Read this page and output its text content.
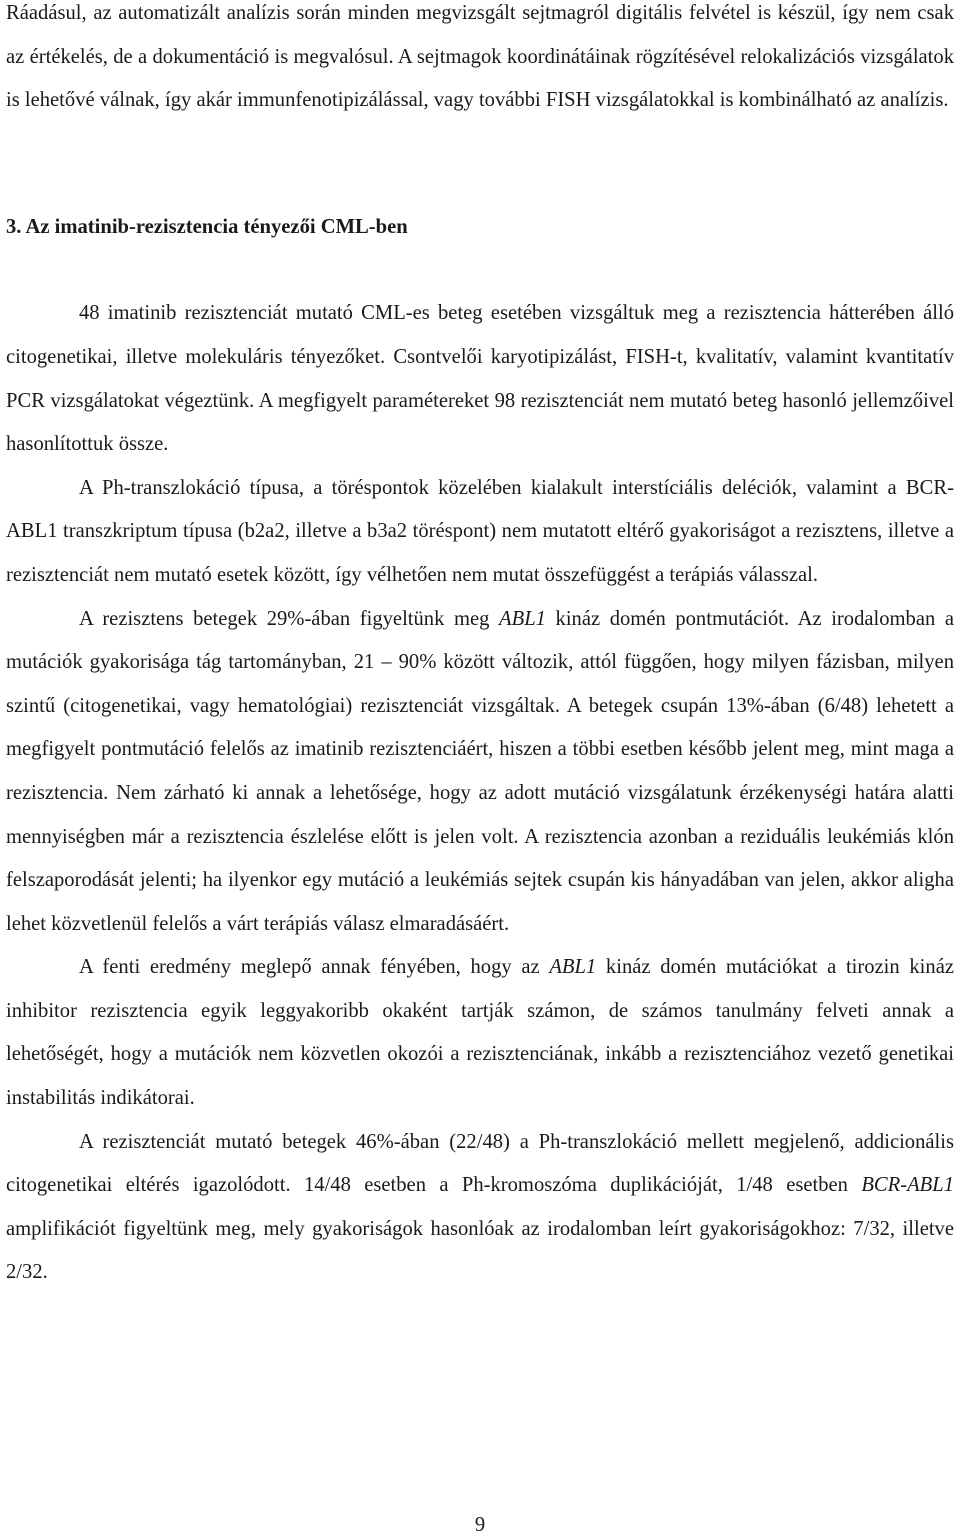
Ráadásul, az automatizált analízis során minden megvizsgált sejtmagról digitális felvétel is készül, így nem csak az értékelés, de a dokumentáció is megvalósul. A sejtmagok koordinátáinak rögzítésével relokalizációs vizsgálatok is lehetővé válnak, így akár immunfenotipizálással, vagy további FISH vizsgálatokkal is kombinálható az analízis.

3. Az imatinib-rezisztencia tényezői CML-ben

48 imatinib rezisztenciát mutató CML-es beteg esetében vizsgáltuk meg a rezisztencia hátterében álló citogenetikai, illetve molekuláris tényezőket. Csontvelői karyotipizálást, FISH-t, kvalitatív, valamint kvantitatív PCR vizsgálatokat végeztünk. A megfigyelt paramétereket 98 rezisztenciát nem mutató beteg hasonló jellemzőivel hasonlítottuk össze.

A Ph-transzlokáció típusa, a töréspontok közelében kialakult interstíciális deléciók, valamint a BCR-ABL1 transzkriptum típusa (b2a2, illetve a b3a2 töréspont) nem mutatott eltérő gyakoriságot a rezisztens, illetve a rezisztenciát nem mutató esetek között, így vélhetően nem mutat összefüggést a terápiás válasszal.

A rezisztens betegek 29%-ában figyeltünk meg ABL1 kináz domén pontmutációt. Az irodalomban a mutációk gyakorisága tág tartományban, 21 – 90% között változik, attól függően, hogy milyen fázisban, milyen szintű (citogenetikai, vagy hematológiai) rezisztenciát vizsgáltak. A betegek csupán 13%-ában (6/48) lehetett a megfigyelt pontmutáció felelős az imatinib rezisztenciáért, hiszen a többi esetben később jelent meg, mint maga a rezisztencia. Nem zárható ki annak a lehetősége, hogy az adott mutáció vizsgálatunk érzékenységi határa alatti mennyiségben már a rezisztencia észlelése előtt is jelen volt. A rezisztencia azonban a reziduális leukémiás klón felszaporodását jelenti; ha ilyenkor egy mutáció a leukémiás sejtek csupán kis hányadában van jelen, akkor aligha lehet közvetlenül felelős a várt terápiás válasz elmaradásáért.

A fenti eredmény meglepő annak fényében, hogy az ABL1 kináz domén mutációkat a tirozin kináz inhibitor rezisztencia egyik leggyakoribb okaként tartják számon, de számos tanulmány felveti annak a lehetőségét, hogy a mutációk nem közvetlen okozói a rezisztenciának, inkább a rezisztenciához vezető genetikai instabilitás indikátorai.

A rezisztenciát mutató betegek 46%-ában (22/48) a Ph-transzlokáció mellett megjelenő, addicionális citogenetikai eltérés igazolódott. 14/48 esetben a Ph-kromoszóma duplikációját, 1/48 esetben BCR-ABL1 amplifikációt figyeltünk meg, mely gyakoriságok hasonlóak az irodalomban leírt gyakoriságokhoz: 7/32, illetve 2/32.

9
